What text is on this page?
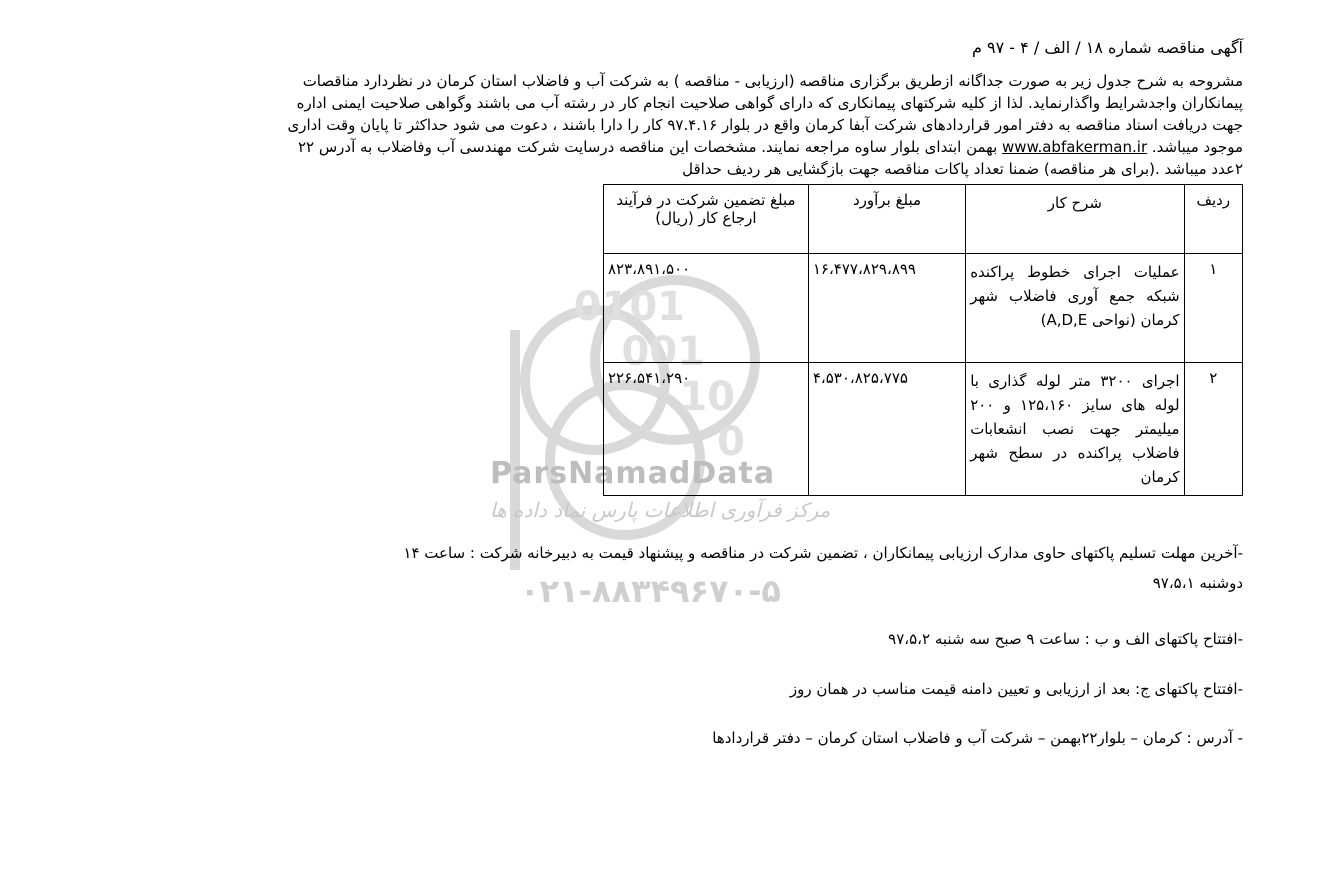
آگهی مناقصه شماره ۱۸ / الف / ۴ - ۹۷ م
مشروحه به شرح جدول زیر به صورت جداگانه ازطریق برگزاری مناقصه (ارزیابی - مناقصه ) به شرکت آب و فاضلاب استان کرمان در نظردارد مناقصات
پیمانکاران واجدشرایط واگذارنماید. لذا از کلیه شرکتهای پیمانکاری که دارای گواهی صلاحیت انجام کار در رشته آب می باشند وگواهی صلاحیت ایمنی اداره
جهت دریافت اسناد مناقصه به دفتر امور قراردادهای شرکت آبفا کرمان واقع در بلوار ۹۷.۴.۱۶ کار را دارا باشند ، دعوت می شود حداکثر تا پایان وقت اداری
موجود میباشد. www.abfakerman.ir بهمن ابتدای بلوار ساوه مراجعه نمایند. مشخصات این مناقصه درسایت شرکت مهندسی آب وفاضلاب به آدرس ۲۲
۲عدد میباشد .(برای هر مناقصه) ضمنا تعداد پاکات مناقصه جهت بازگشایی هر ردیف حداقل
0101
001
10
0
ParsNamadData
مرکز فرآوری اطلاعات پارس نماد داده ها
۰۲۱-۸۸۳۴۹۶۷۰-۵
ردیف	شرح کار	مبلغ برآورد	مبلغ تضمین شرکت در فرآیند ارجاع کار (ریال)
۱	عملیات اجرای خطوط پراکنده شبکه جمع آوری فاضلاب شهر کرمان (نواحی A,D,E)	۱۶،۴۷۷،۸۲۹،۸۹۹	۸۲۳،۸۹۱،۵۰۰
۲	اجرای ۳۲۰۰ متر لوله گذاری با لوله های سایز ۱۲۵،۱۶۰ و ۲۰۰ میلیمتر جهت نصب انشعابات فاضلاب پراکنده در سطح شهر کرمان	۴،۵۳۰،۸۲۵،۷۷۵	۲۲۶،۵۴۱،۲۹۰
-آخرین مهلت تسلیم پاکتهای حاوی مدارک ارزیابی پیمانکاران ، تضمین شرکت در مناقصه و پیشنهاد قیمت به دبیرخانه شرکت : ساعت ۱۴
دوشنبه ۹۷،۵،۱
-افتتاح پاکتهای الف و ب : ساعت ۹ صبح سه شنبه ۹۷،۵،۲
-افتتاح پاکتهای ج: بعد از ارزیابی و تعیین دامنه قیمت مناسب در همان روز
- آدرس : کرمان – بلوار۲۲بهمن – شرکت آب و فاضلاب استان کرمان – دفتر قراردادها
